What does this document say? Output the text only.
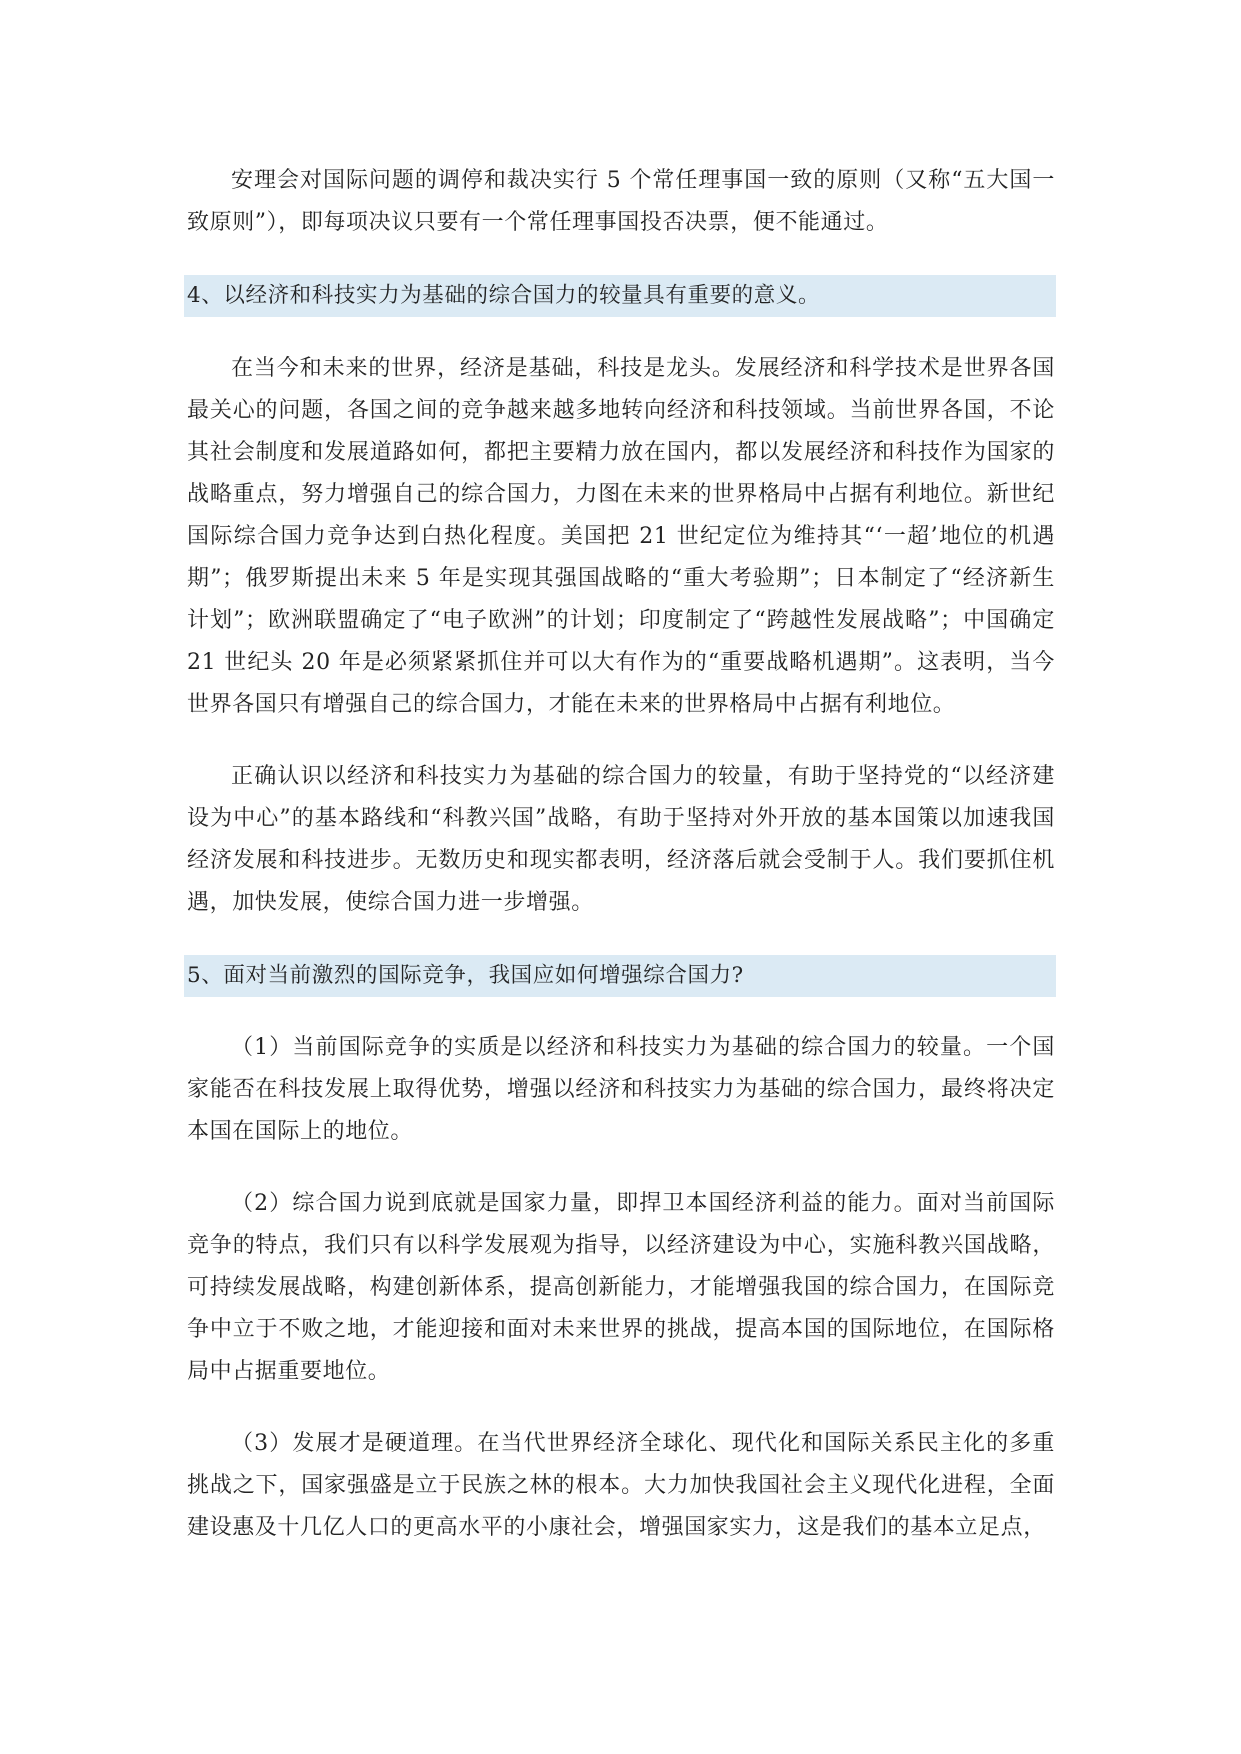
安理会对国际问题的调停和裁决实行 5 个常任理事国一致的原则（又称“五大国一致原则”），即每项决议只要有一个常任理事国投否决票，便不能通过。

4、以经济和科技实力为基础的综合国力的较量具有重要的意义。

在当今和未来的世界，经济是基础，科技是龙头。发展经济和科学技术是世界各国最关心的问题，各国之间的竞争越来越多地转向经济和科技领域。当前世界各国，不论其社会制度和发展道路如何，都把主要精力放在国内，都以发展经济和科技作为国家的战略重点，努力增强自己的综合国力，力图在未来的世界格局中占据有利地位。新世纪国际综合国力竞争达到白热化程度。美国把 21 世纪定位为维持其“‘一超’地位的机遇期”；俄罗斯提出未来 5 年是实现其强国战略的“重大考验期”；日本制定了“经济新生计划”；欧洲联盟确定了“电子欧洲”的计划；印度制定了“跨越性发展战略”；中国确定 21 世纪头 20 年是必须紧紧抓住并可以大有作为的“重要战略机遇期”。这表明，当今世界各国只有增强自己的综合国力，才能在未来的世界格局中占据有利地位。

正确认识以经济和科技实力为基础的综合国力的较量，有助于坚持党的“以经济建设为中心”的基本路线和“科教兴国”战略，有助于坚持对外开放的基本国策以加速我国经济发展和科技进步。无数历史和现实都表明，经济落后就会受制于人。我们要抓住机遇，加快发展，使综合国力进一步增强。

5、面对当前激烈的国际竞争，我国应如何增强综合国力?

（1）当前国际竞争的实质是以经济和科技实力为基础的综合国力的较量。一个国家能否在科技发展上取得优势，增强以经济和科技实力为基础的综合国力，最终将决定本国在国际上的地位。

（2）综合国力说到底就是国家力量，即捍卫本国经济利益的能力。面对当前国际竞争的特点，我们只有以科学发展观为指导，以经济建设为中心，实施科教兴国战略，可持续发展战略，构建创新体系，提高创新能力，才能增强我国的综合国力，在国际竞争中立于不败之地，才能迎接和面对未来世界的挑战，提高本国的国际地位，在国际格局中占据重要地位。

（3）发展才是硬道理。在当代世界经济全球化、现代化和国际关系民主化的多重挑战之下，国家强盛是立于民族之林的根本。大力加快我国社会主义现代化进程，全面建设惠及十几亿人口的更高水平的小康社会，增强国家实力，这是我们的基本立足点，
